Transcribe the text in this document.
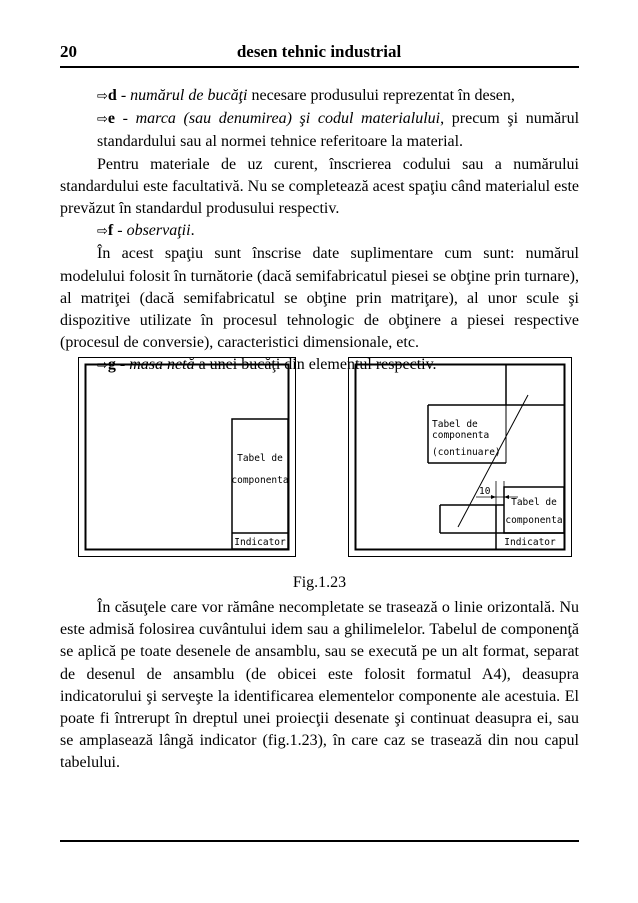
20	desen tehnic industrial

⇨d - numărul de bucăţi necesare produsului reprezentat în desen,

⇨e - marca (sau denumirea) şi codul materialului, precum şi numărul standardului sau al normei tehnice referitoare la material.

Pentru materiale de uz curent, înscrierea codului sau a numărului standardului este facultativă. Nu se completează acest spaţiu când materialul este prevăzut în standardul produsului respectiv.

⇨f - observaţii.

În acest spaţiu sunt înscrise date suplimentare cum sunt: numărul modelului folosit în turnătorie (dacă semifabricatul piesei se obţine prin turnare), al matriţei (dacă semifabricatul se obţine prin matriţare), al unor scule şi dispozitive utilizate în procesul tehnologic de obţinere a piesei respective (procesul de conversie), caracteristici dimensionale, etc.

⇨g - masa netă a unei bucăţi din elementul respectiv.

Tabel de
componenta
Indicator
Tabel de
componenta
(continuare)
10
Tabel de
componenta
Indicator
Fig.1.23

În căsuţele care vor rămâne necompletate se trasează o linie orizontală. Nu este admisă folosirea cuvântului idem sau a ghilimelelor. Tabelul de componenţă se aplică pe toate desenele de ansamblu, sau se execută pe un alt format, separat de desenul de ansamblu (de obicei este folosit formatul A4), deasupra indicatorului şi serveşte la identificarea elementelor componente ale acestuia. El poate fi întrerupt în dreptul unei proiecţii desenate şi continuat deasupra ei, sau se amplasează lângă indicator (fig.1.23), în care caz se trasează din nou capul tabelului.
